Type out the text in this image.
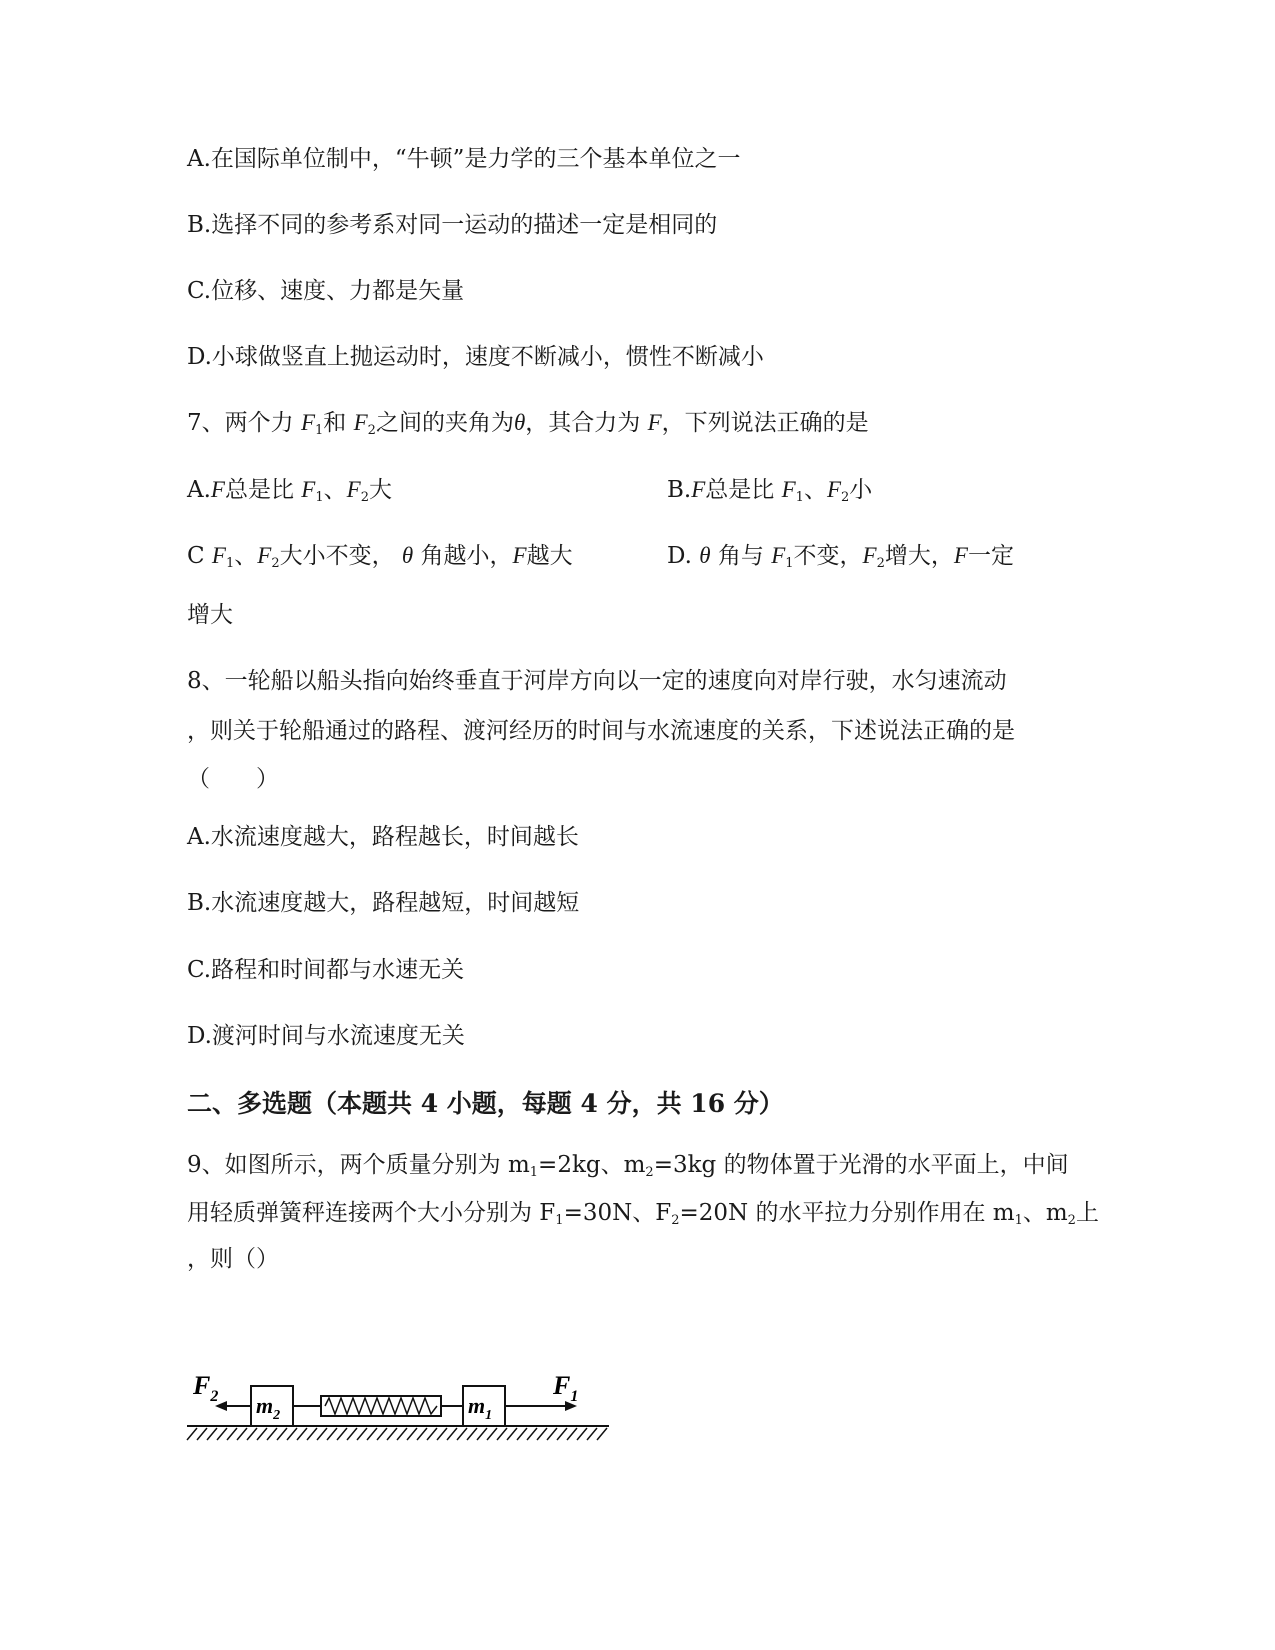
A.在国际单位制中，“牛顿”是力学的三个基本单位之一
B.选择不同的参考系对同一运动的描述一定是相同的
C.位移、速度、力都是矢量
D.小球做竖直上抛运动时，速度不断减小，惯性不断减小
7、两个力 $F_1$和 $F_2$之间的夹角为θ，其合力为 F，下列说法正确的是
A.F总是比 $F_1$、$F_2$大	B.F总是比 $F_1$、$F_2$小
C $F_1$、$F_2$大小不变， θ 角越小，F越大	D. θ 角与 $F_1$不变，$F_2$增大，F一定
增大
8、一轮船以船头指向始终垂直于河岸方向以一定的速度向对岸行驶，水匀速流动
，则关于轮船通过的路程、渡河经历的时间与水流速度的关系，下述说法正确的是
（　　）
A.水流速度越大，路程越长，时间越长
B.水流速度越大，路程越短，时间越短
C.路程和时间都与水速无关
D.渡河时间与水流速度无关
二、多选题（本题共 4 小题，每题 4 分，共 16 分）
9、如图所示，两个质量分别为 $m_1=2kg$、$m_2=3kg$ 的物体置于光滑的水平面上，中间
用轻质弹簧秤连接两个大小分别为 $F_1=30N$、$F_2=20N$ 的水平拉力分别作用在 $m_1$、$m_2$上
，则（）
$F_2$ $m_2$	$m_1$
$F_1$
